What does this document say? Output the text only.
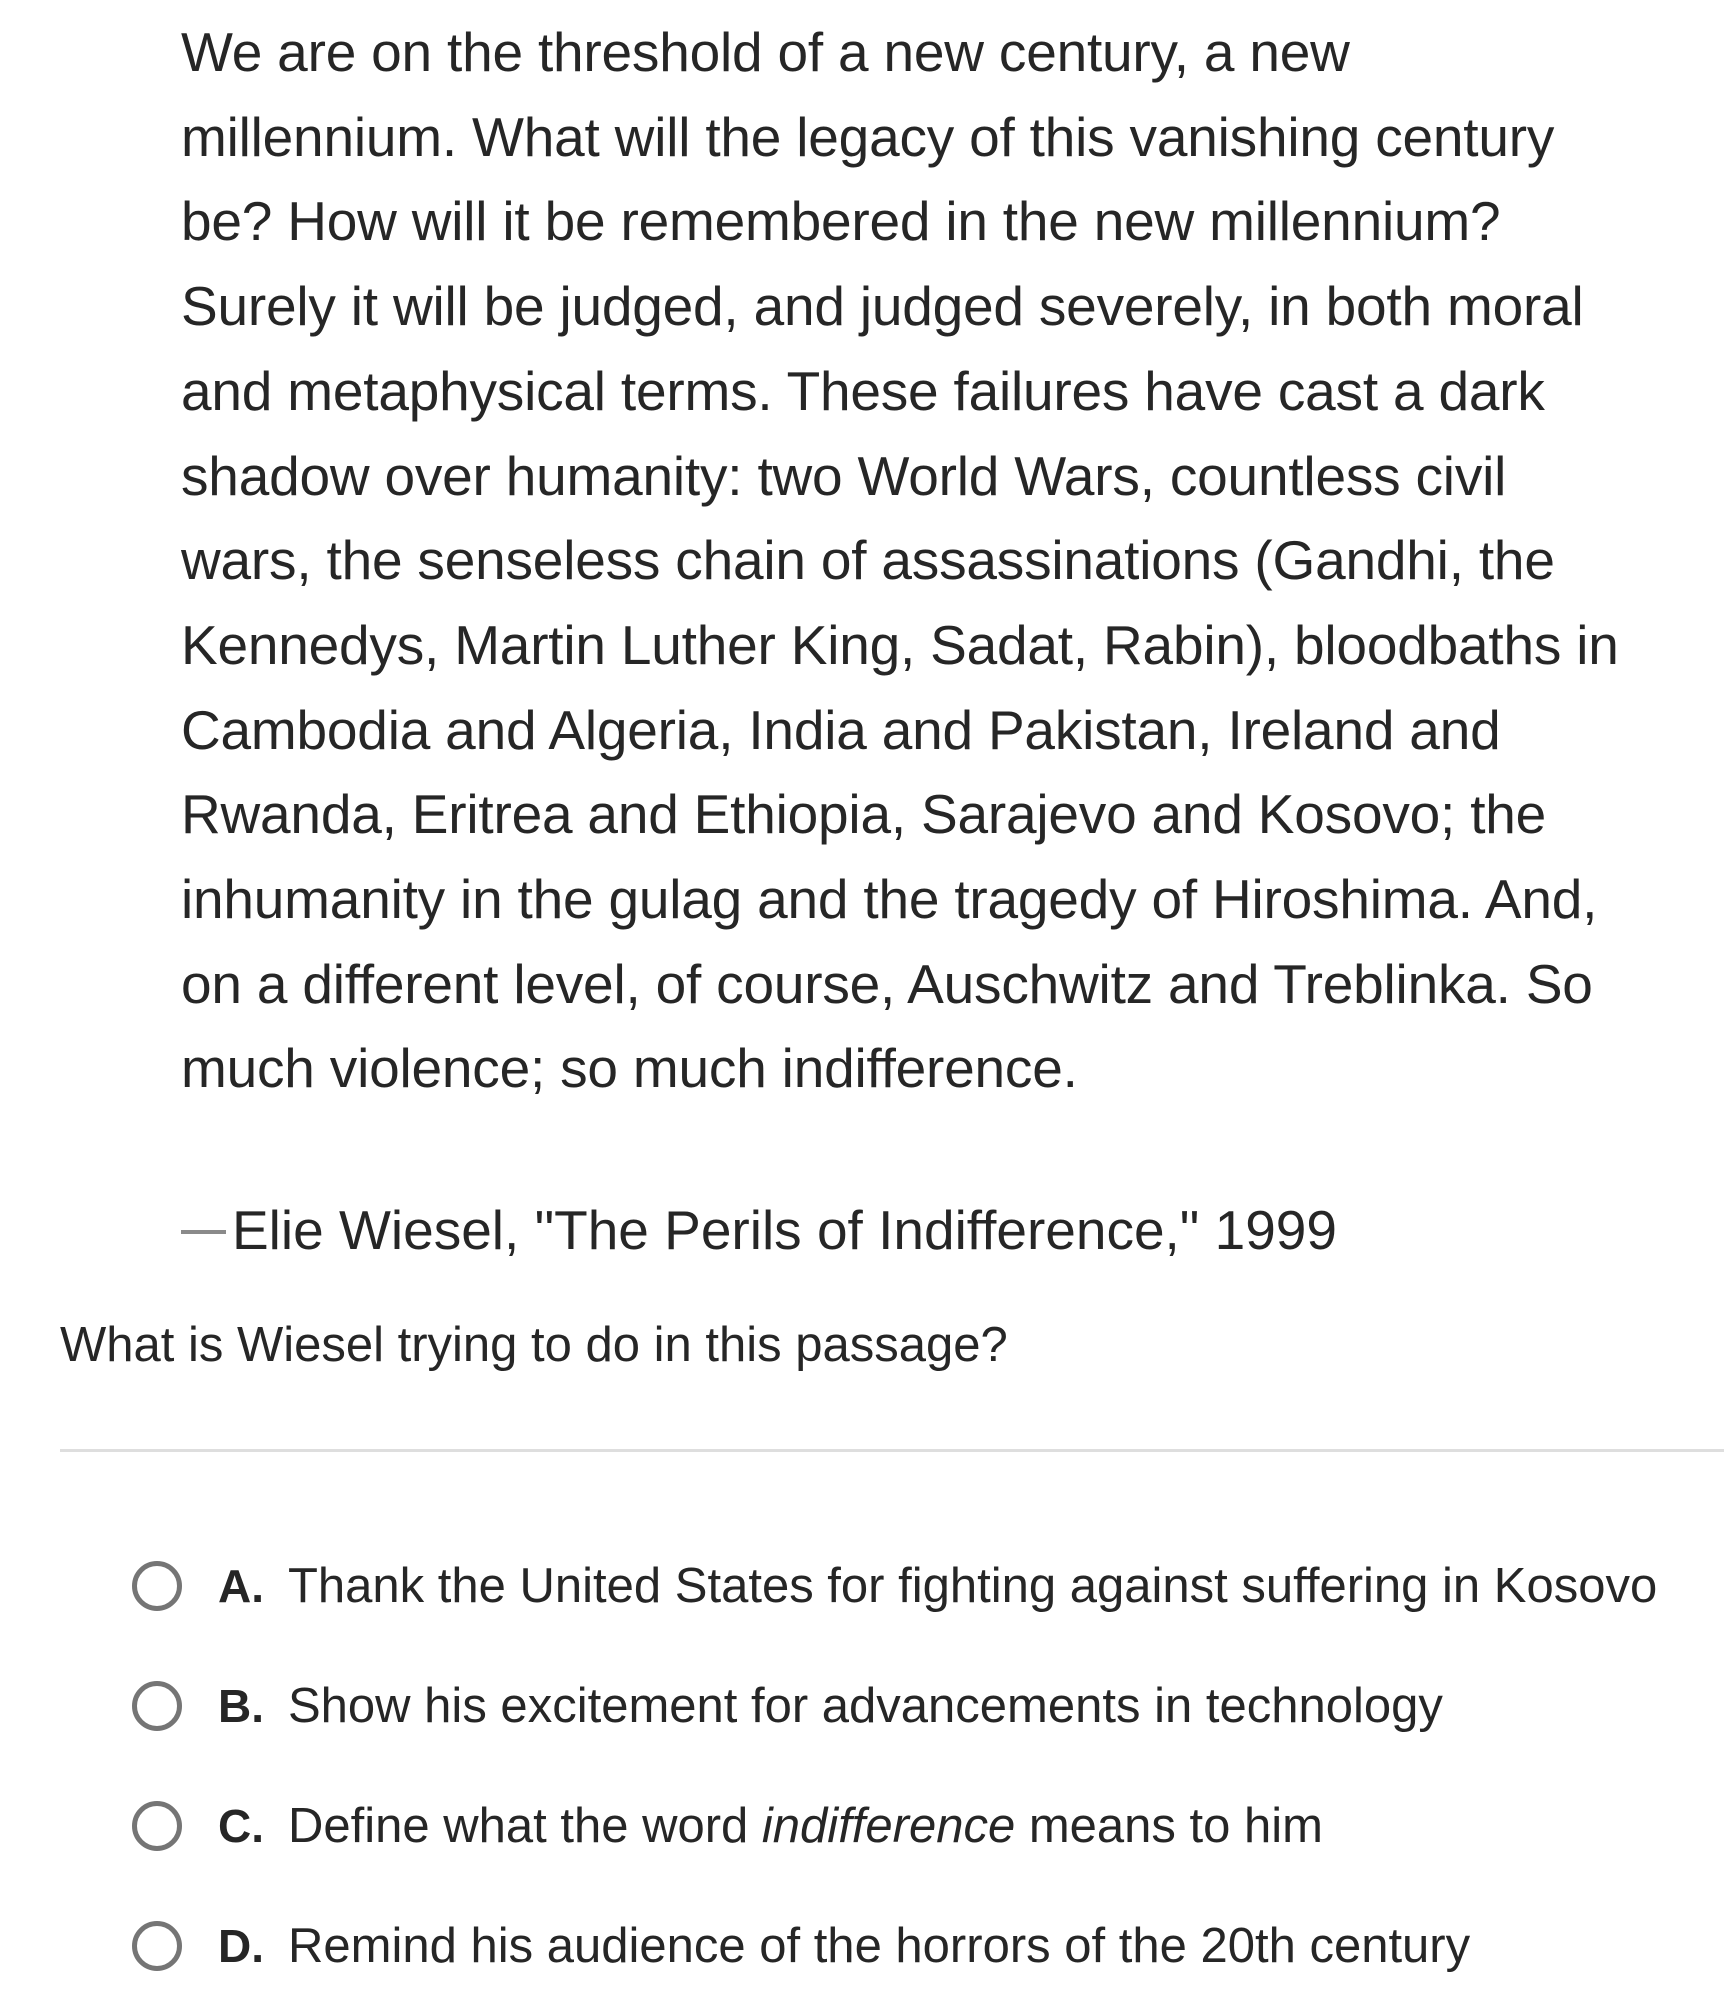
We are on the threshold of a new century, a new
millennium. What will the legacy of this vanishing century
be? How will it be remembered in the new millennium?
Surely it will be judged, and judged severely, in both moral
and metaphysical terms. These failures have cast a dark
shadow over humanity: two World Wars, countless civil
wars, the senseless chain of assassinations (Gandhi, the
Kennedys, Martin Luther King, Sadat, Rabin), bloodbaths in
Cambodia and Algeria, India and Pakistan, Ireland and
Rwanda, Eritrea and Ethiopia, Sarajevo and Kosovo; the
inhumanity in the gulag and the tragedy of Hiroshima. And,
on a different level, of course, Auschwitz and Treblinka. So
much violence; so much indifference.
Elie Wiesel, "The Perils of Indifference," 1999
What is Wiesel trying to do in this passage?
A. Thank the United States for fighting against suffering in Kosovo
B. Show his excitement for advancements in technology
C. Define what the word indifference means to him
D. Remind his audience of the horrors of the 20th century
